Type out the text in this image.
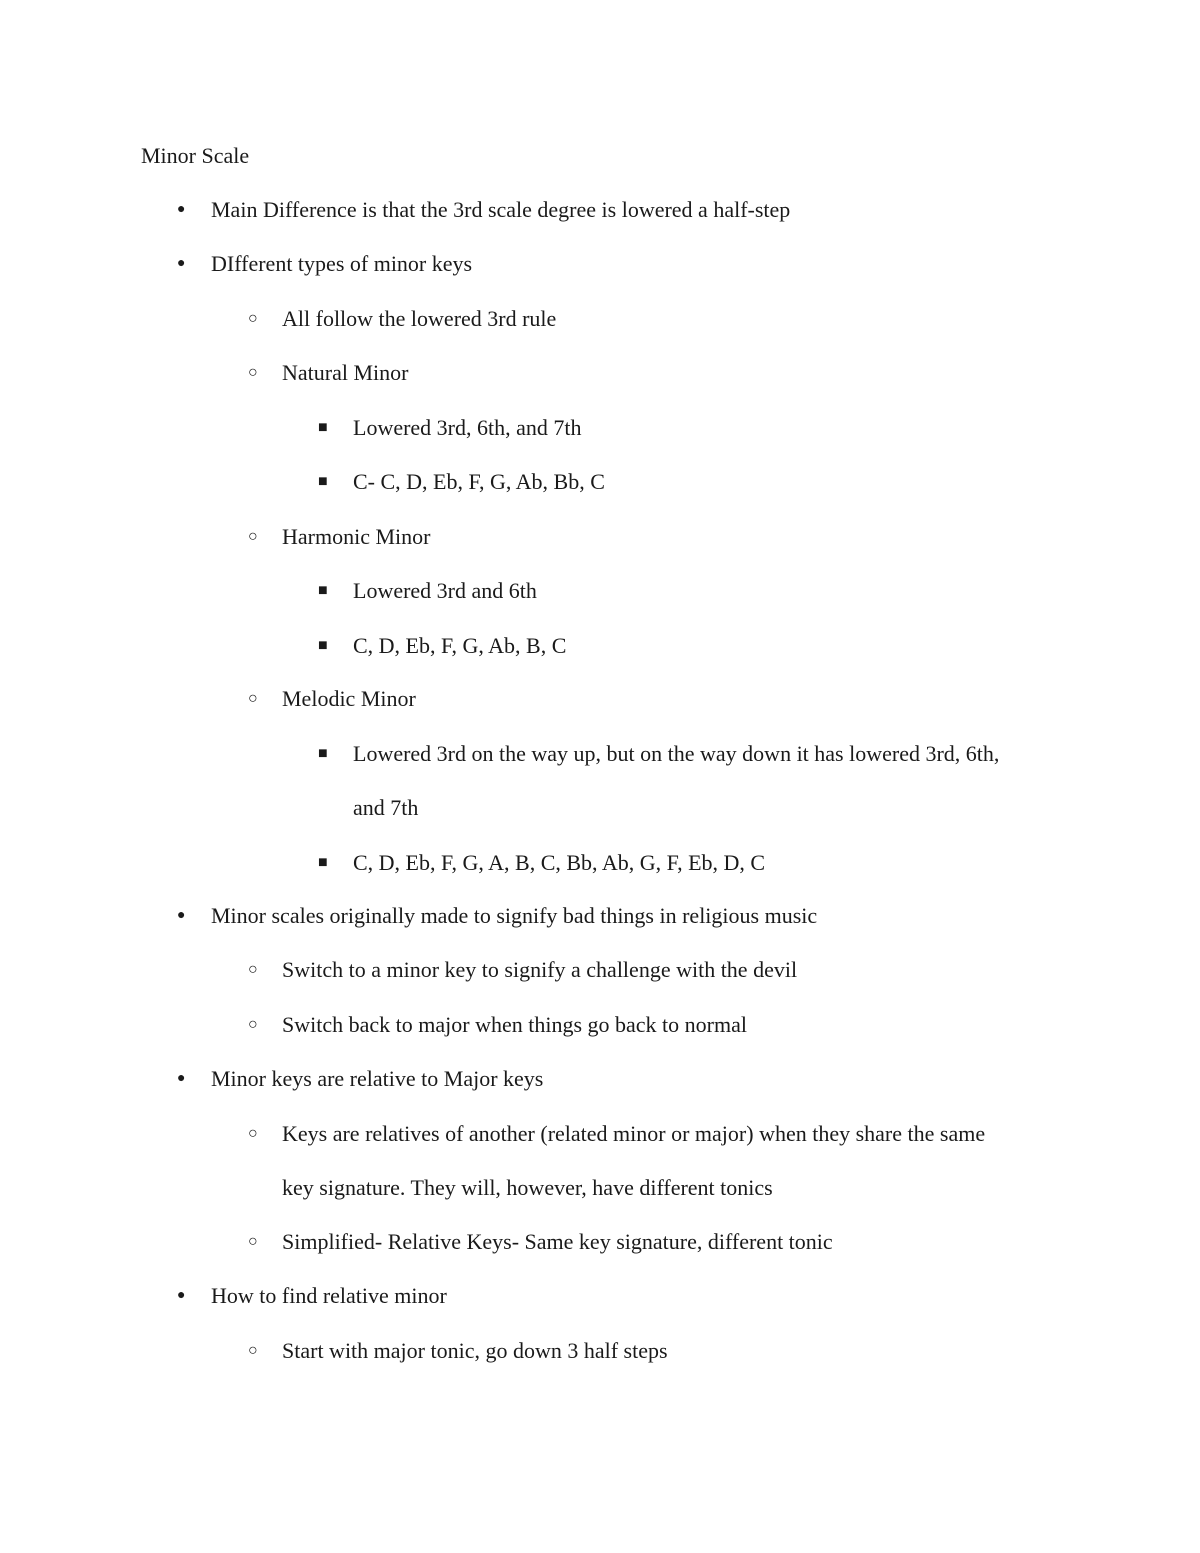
Minor Scale
● Main Difference is that the 3rd scale degree is lowered a half-step
● DIfferent types of minor keys
○ All follow the lowered 3rd rule
○ Natural Minor
■ Lowered 3rd, 6th, and 7th
■ C- C, D, Eb, F, G, Ab, Bb, C
○ Harmonic Minor
■ Lowered 3rd and 6th
■ C, D, Eb, F, G, Ab, B, C
○ Melodic Minor
■ Lowered 3rd on the way up, but on the way down it has lowered 3rd, 6th,
and 7th
■ C, D, Eb, F, G, A, B, C, Bb, Ab, G, F, Eb, D, C
● Minor scales originally made to signify bad things in religious music
○ Switch to a minor key to signify a challenge with the devil
○ Switch back to major when things go back to normal
● Minor keys are relative to Major keys
○ Keys are relatives of another (related minor or major) when they share the same
key signature. They will, however, have different tonics
○ Simplified- Relative Keys- Same key signature, different tonic
● How to find relative minor
○ Start with major tonic, go down 3 half steps
